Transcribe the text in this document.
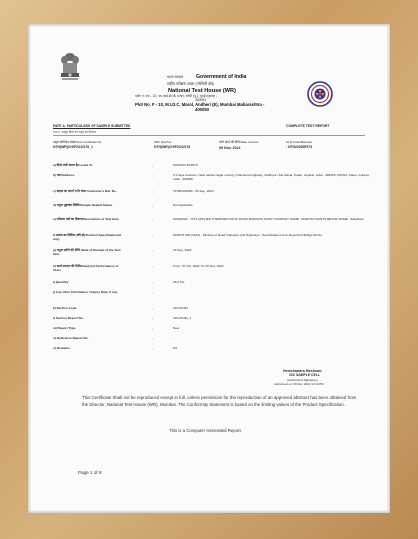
भारत सरकार Government of India
राष्ट्रीय परीक्षण शाला (पश्चिमी क्षेत्र)
National Test House (WR)
प्लॉट नं. एफ - 10, एम.आई.डी.सी, मरोल, अंधेरी (पू.), मुंबई महाराष्ट्र -
400093
Plot No. F - 10, M.I.D.C, Marol, Andheri (E), Mumbai Maharashtra -
400093
PART A. PARTICULARS OF SAMPLE SUBMITTED	COMPLETE TEST REPORT
भाग ए. प्रस्तुत किये गये नमूने का विवरण
नमूना प्रतिवेदन संख्या/Test Certificate No
NTH(WR)CH/P2/22/176_1
SRF Number
NTH(WR)CH/P2/22/176
जारी करने की तिथि/Date of Issue
09 Nov, 2022
ULR Code/Barcode
: NTH22080F073
a) किसे जारी करना है/Issued To	:	MADHAV PAINTS
b) पता/Address	:	3 Umiya Godown, Near sardar nagar society, Chanasma highway, Siddhpur char Rasta, Patan, Gujarat, India - 384265, PATAN, Patan, Gujarat, India - 384265
c) ग्राहक का संदर्भ व दि नांक/ Customer's Ref. No.	:	TP/NP/22/080 - 05 Sep, 2022
d) नमूना मुहरबंद स्थिति/Sample Sealed Status	:	Not Applicable
e) परीक्षण मदों का विवरण/Description of Test Item	:	MATERIAL : HOT APPLIED THERMOPLASTIC ROAD MARKING PAINT COMPANY NAME : MADHAV PAINTS BRAND NAME : SafeMark
f) उत्पाद का विशिष्ट (यदि हो)/Product Specification(if any)
:	MORTH 803 (2013) - Ministry of Road Transport and Highways - Specifications form Road And Bridge Works
g) नमूना प्राप्ति की तिथि /Date of Receipt of the Test Item
:	23 Sep, 2022
h) कार्य प्रपादन की तिथि/Date(s)of Performance of Tests
:	From: 07 Oct, 2022 To: 09 Nov, 2022
i) Quantity	:	25.0 KG
j) Any other Information / Expiry Date, if any	:
k) Section Code	:	22C7610N
l) Section Report No.	:	22C7610N_1
m) Report Type	:	New
n) Reference Report No.	:	-
o) Remarks	:	NA
Hemchandra Meshram
OIC SAMPLE CELL
(Authorized Signatory)
Authorised on: 09 Nov, 2022 12:14 PM
This Certificate Shall not be reproduced except in full, unless permission for the reproduction of an approved abstract has been obtained from the Director, National Test House (WR), Mumbai. The Conformity Statement is based on the limiting values of the Product Specification.
This is a Computer Generated Report.
Page 1 of 8
